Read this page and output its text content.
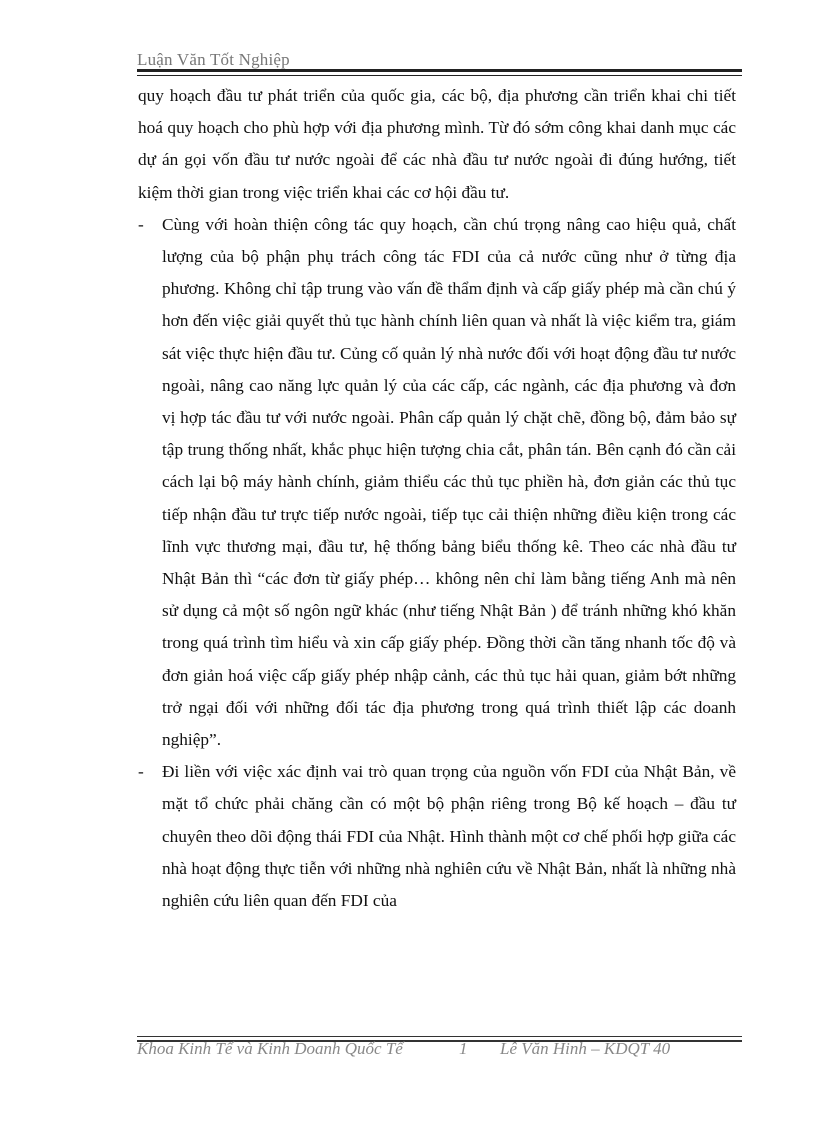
Luận Văn Tốt Nghiệp

quy hoạch đầu tư phát triển của quốc gia, các bộ, địa phương cần triển khai chi tiết hoá quy hoạch cho phù hợp với địa phương mình. Từ đó sớm công khai danh mục các dự án gọi vốn đầu tư nước ngoài để các nhà đầu tư nước ngoài đi đúng hướng, tiết kiệm thời gian trong việc triển khai các cơ hội đầu tư.

- Cùng với hoàn thiện công tác quy hoạch, cần chú trọng nâng cao hiệu quả, chất lượng của bộ phận phụ trách công tác FDI của cả nước cũng như ở từng địa phương. Không chỉ tập trung vào vấn đề thẩm định và cấp giấy phép mà cần chú ý hơn đến việc giải quyết thủ tục hành chính liên quan và nhất là việc kiểm tra, giám sát việc thực hiện đầu tư. Củng cố quản lý nhà nước đối với hoạt động đầu tư nước ngoài, nâng cao năng lực quản lý của các cấp, các ngành, các địa phương và đơn vị hợp tác đầu tư với nước ngoài. Phân cấp quản lý chặt chẽ, đồng bộ, đảm bảo sự tập trung thống nhất, khắc phục hiện tượng chia cắt, phân tán. Bên cạnh đó cần cải cách lại bộ máy hành chính, giảm thiểu các thủ tục phiền hà, đơn giản các thủ tục tiếp nhận đầu tư trực tiếp nước ngoài, tiếp tục cải thiện những điều kiện trong các lĩnh vực thương mại, đầu tư, hệ thống bảng biểu thống kê. Theo các nhà đầu tư Nhật Bản thì “các đơn từ giấy phép… không nên chỉ làm bằng tiếng Anh mà nên sử dụng cả một số ngôn ngữ khác (như tiếng Nhật Bản ) để tránh những khó khăn trong quá trình tìm hiểu và xin cấp giấy phép. Đồng thời cần tăng nhanh tốc độ và đơn giản hoá việc cấp giấy phép nhập cảnh, các thủ tục hải quan, giảm bớt những trở ngại đối với những đối tác địa phương trong quá trình thiết lập các doanh nghiệp”.

- Đi liền với việc xác định vai trò quan trọng của nguồn vốn FDI của Nhật Bản, về mặt tổ chức phải chăng cần có một bộ phận riêng trong Bộ kế hoạch – đầu tư chuyên theo dõi động thái FDI của Nhật. Hình thành một cơ chế phối hợp giữa các nhà hoạt động thực tiễn với những nhà nghiên cứu về Nhật Bản, nhất là những nhà nghiên cứu liên quan đến FDI của

Khoa Kinh Tế và Kinh Doanh Quốc Tế	1 Lê Văn Hinh – KDQT 40
